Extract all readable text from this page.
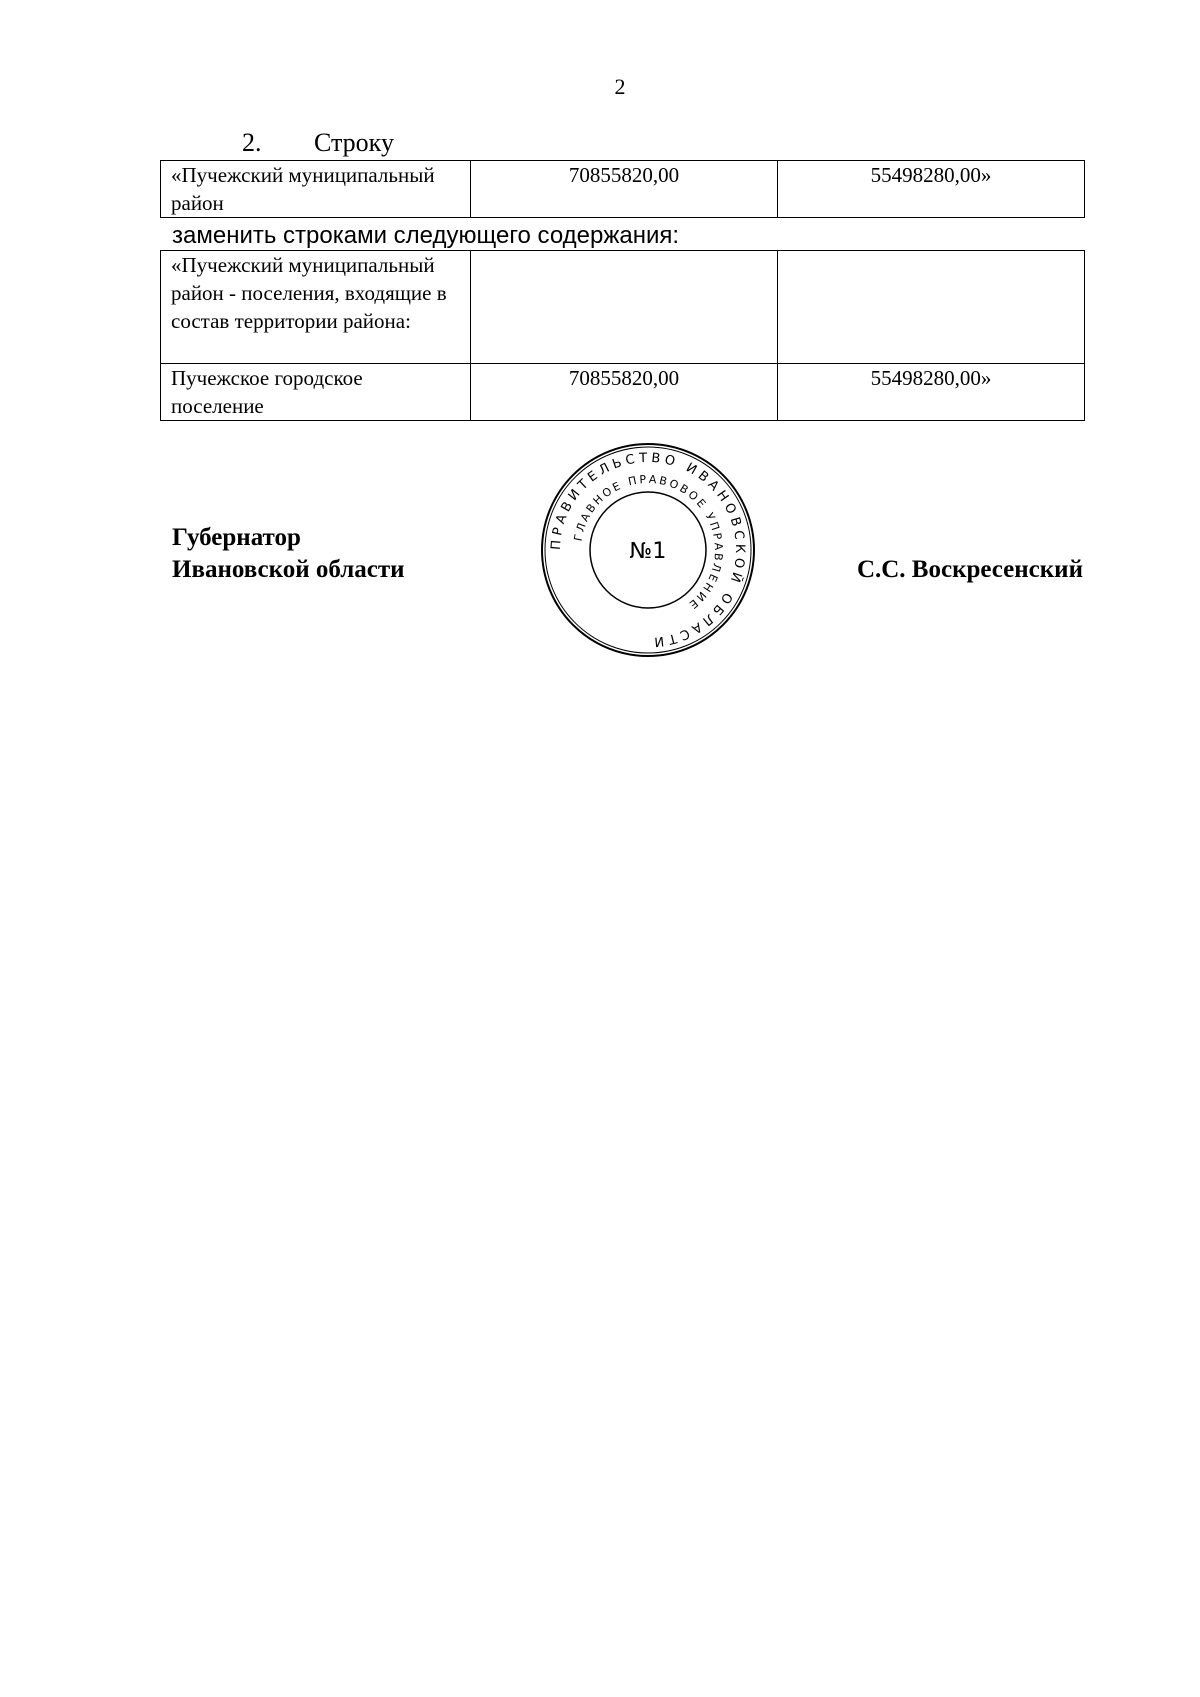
2
2. Строку
«Пучежский муниципальный район	70855820,00	55498280,00»
заменить строками следующего содержания:
«Пучежский муниципальный район - поселения, входящие в состав территории района:		
Пучежское городское поселение	70855820,00	55498280,00»
Губернатор
Ивановской области
ПРАВИТЕЛЬСТВО ИВАНОВСКОЙ ОБЛАСТИ
ГЛАВНОЕ ПРАВОВОЕ УПРАВЛЕНИЕ
№1
С.С. Воскресенский
